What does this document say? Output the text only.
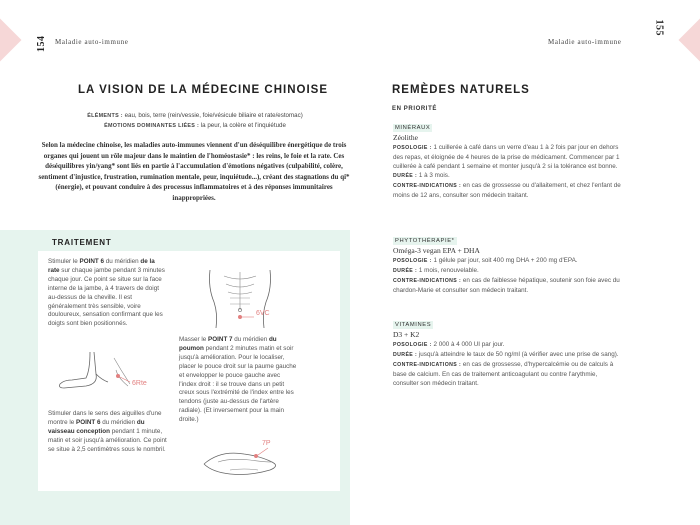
154 Maladie auto-immune	Maladie auto-immune
155
LA VISION DE LA MÉDECINE CHINOISE
ÉLÉMENTS : eau, bois, terre (rein/vessie, foie/vésicule biliaire et rate/estomac)
ÉMOTIONS DOMINANTES LIÉES : la peur, la colère et l'inquiétude
Selon la médecine chinoise, les maladies auto-immunes viennent d'un déséquilibre énergétique de trois organes qui jouent un rôle majeur dans le maintien de l'homéostasie* : les reins, le foie et la rate. Ces déséquilibres yin/yang* sont liés en partie à l'accumulation d'émotions négatives (culpabilité, colère, sentiment d'injustice, frustration, rumination mentale, peur, inquiétude...), créant des stagnations du qi* (énergie), et pouvant conduire à des processus inflammatoires et à des réponses immunitaires inappropriées.
TRAITEMENT
Stimuler le POINT 6 du méridien de la rate sur chaque jambe pendant 3 minutes chaque jour. Ce point se situe sur la face interne de la jambe, à 4 travers de doigt au-dessus de la cheville. Il est généralement très sensible, voire douloureux, sensation confirmant que les doigts sont bien positionnés.
Masser le POINT 7 du méridien du poumon pendant 2 minutes matin et soir jusqu'à amélioration. Pour le localiser, placer le pouce droit sur la paume gauche et envelopper le pouce gauche avec l'index droit : il se trouve dans un petit creux sous l'extrémité de l'index entre les tendons (juste au-dessus de l'artère radiale). (Et inversement pour la main droite.)
Stimuler dans le sens des aiguilles d'une montre le POINT 6 du méridien du vaisseau conception pendant 1 minute, matin et soir jusqu'à amélioration. Ce point se situe à 2,5 centimètres sous le nombril.
6VC
6Rte
7P
REMÈDES NATURELS
EN PRIORITÉ
MINÉRAUX
Zéolithe
POSOLOGIE : 1 cuillerée à café dans un verre d'eau 1 à 2 fois par jour en dehors des repas, et éloignée de 4 heures de la prise de médicament. Commencer par 1 cuillerée à café pendant 1 semaine et monter jusqu'à 2 si la tolérance est bonne.
DURÉE : 1 à 3 mois.
CONTRE-INDICATIONS : en cas de grossesse ou d'allaitement, et chez l'enfant de moins de 12 ans, consulter son médecin traitant.
PHYTOTHÉRAPIE*
Oméga-3 vegan EPA + DHA
POSOLOGIE : 1 gélule par jour, soit 400 mg DHA + 200 mg d'EPA.
DURÉE : 1 mois, renouvelable.
CONTRE-INDICATIONS : en cas de faiblesse hépatique, soutenir son foie avec du chardon-Marie et consulter son médecin traitant.
VITAMINES
D3 + K2
POSOLOGIE : 2 000 à 4 000 UI par jour.
DURÉE : jusqu'à atteindre le taux de 50 ng/ml (à vérifier avec une prise de sang).
CONTRE-INDICATIONS : en cas de grossesse, d'hypercalcémie ou de calculs à base de calcium. En cas de traitement anticoagulant ou contre l'arythmie, consulter son médecin traitant.
